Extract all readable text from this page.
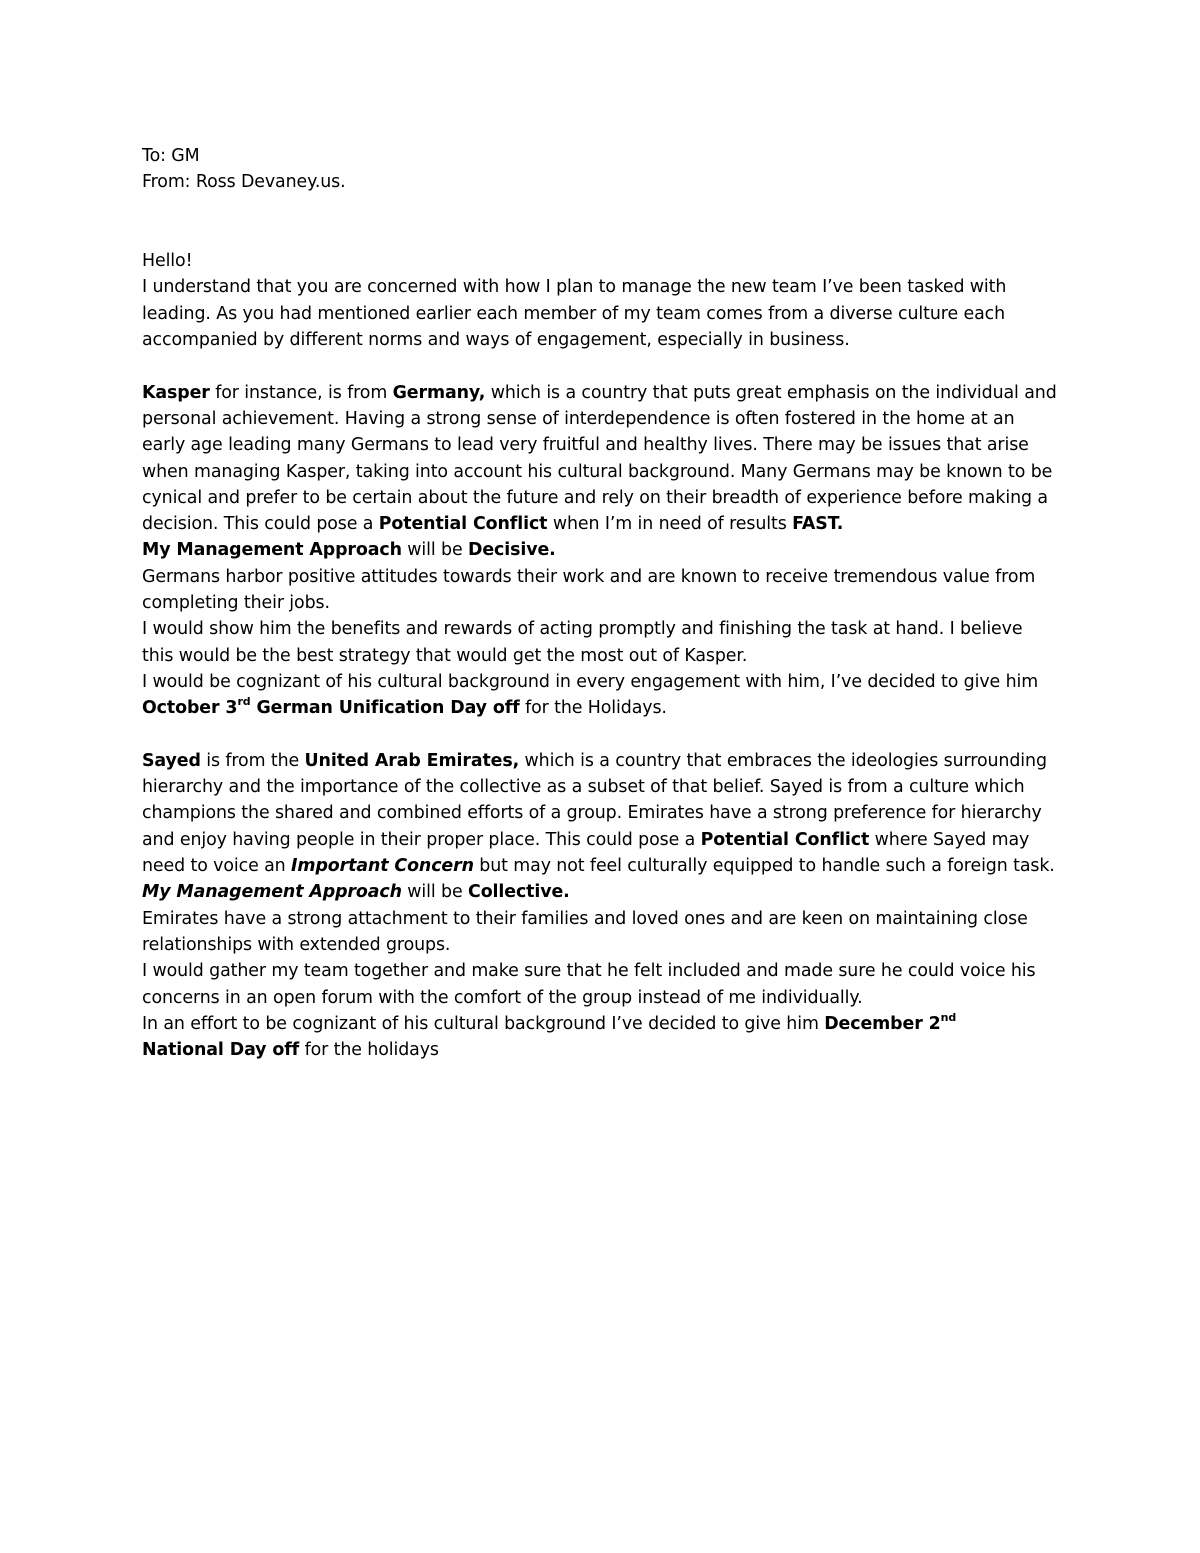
To: GM
From: Ross Devaney.us.
Hello!
I understand that you are concerned with how I plan to manage the new team I’ve been tasked with
leading. As you had mentioned earlier each member of my team comes from a diverse culture each
accompanied by different norms and ways of engagement, especially in business.
Kasper for instance, is from Germany, which is a country that puts great emphasis on the individual and
personal achievement. Having a strong sense of interdependence is often fostered in the home at an
early age leading many Germans to lead very fruitful and healthy lives. There may be issues that arise
when managing Kasper, taking into account his cultural background. Many Germans may be known to be
cynical and prefer to be certain about the future and rely on their breadth of experience before making a
decision. This could pose a Potential Conflict when I’m in need of results FAST.
My Management Approach will be Decisive.
Germans harbor positive attitudes towards their work and are known to receive tremendous value from
completing their jobs.
I would show him the benefits and rewards of acting promptly and finishing the task at hand. I believe
this would be the best strategy that would get the most out of Kasper.
I would be cognizant of his cultural background in every engagement with him, I’ve decided to give him
October 3rd German Unification Day off for the Holidays.
Sayed is from the United Arab Emirates, which is a country that embraces the ideologies surrounding
hierarchy and the importance of the collective as a subset of that belief. Sayed is from a culture which
champions the shared and combined efforts of a group. Emirates have a strong preference for hierarchy
and enjoy having people in their proper place. This could pose a Potential Conflict where Sayed may
need to voice an Important Concern but may not feel culturally equipped to handle such a foreign task.
My Management Approach will be Collective.
Emirates have a strong attachment to their families and loved ones and are keen on maintaining close
relationships with extended groups.
I would gather my team together and make sure that he felt included and made sure he could voice his
concerns in an open forum with the comfort of the group instead of me individually.
In an effort to be cognizant of his cultural background I’ve decided to give him December 2nd
National Day off for the holidays
